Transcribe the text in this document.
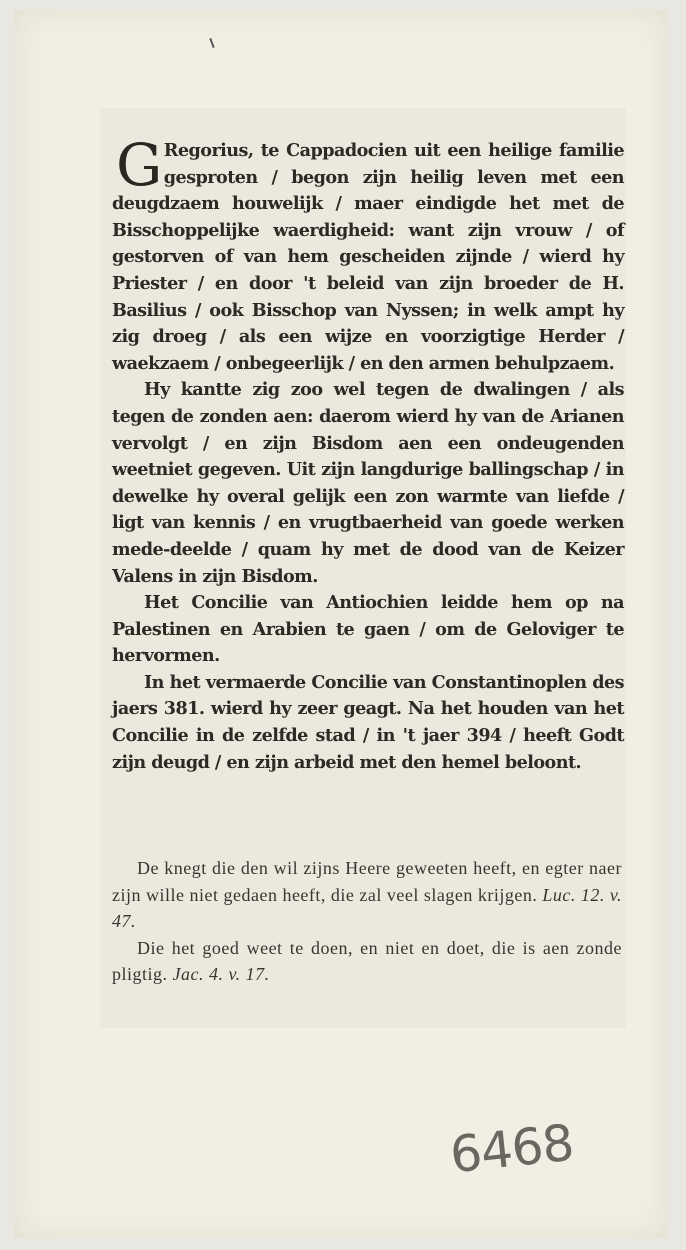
G Regorius, te Cappadocien uit een heilige familie gesproten / begon zijn heilig leven met een deugdzaem houwelijk / maer eindigde het met de Bisschoppelijke waerdigheid: want zijn vrouw / of gestorven of van hem gescheiden zijnde / wierd hy Priester / en door 't beleid van zijn broeder de H. Basilius / ook Bisschop van Nyssen; in welk ampt hy zig droeg / als een wijze en voorzigtige Herder / waekzaem / onbegeerlijk / en den armen behulpzaem.

Hy kantte zig zoo wel tegen de dwalingen / als tegen de zonden aen: daerom wierd hy van de Arianen vervolgt / en zijn Bisdom aen een ondeugenden weetniet gegeven. Uit zijn langdurige ballingschap / in dewelke hy overal gelijk een zon warmte van liefde / ligt van kennis / en vrugtbaerheid van goede werken mede-deelde / quam hy met de dood van de Keizer Valens in zijn Bisdom.

Het Concilie van Antiochien leidde hem op na Palestinen en Arabien te gaen / om de Geloviger te hervormen.

In het vermaerde Concilie van Constantinoplen des jaers 381. wierd hy zeer geagt. Na het houden van het Concilie in de zelfde stad / in 't jaer 394 / heeft Godt zijn deugd / en zijn arbeid met den hemel beloont.

De knegt die den wil zijns Heere geweeten heeft, en egter naer zijn wille niet gedaen heeft, die zal veel slagen krijgen. Luc. 12. v. 47.

Die het goed weet te doen, en niet en doet, die is aen zonde pligtig. Jac. 4. v. 17.

6468
